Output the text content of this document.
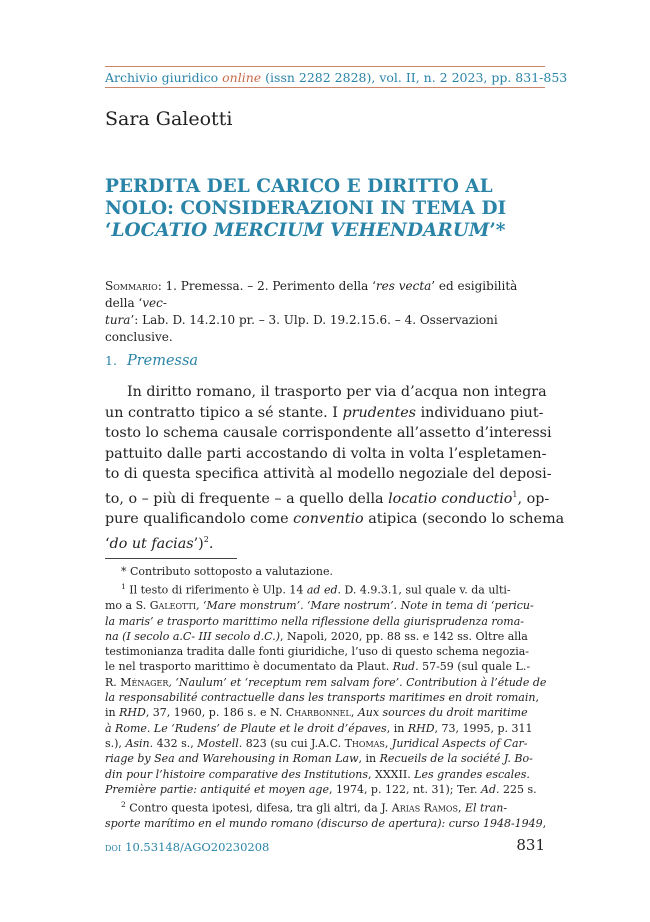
Archivio giuridico online (issn 2282 2828), vol. II, n. 2 2023, pp. 831-853
Sara Galeotti
PERDITA DEL CARICO E DIRITTO AL
NOLO: CONSIDERAZIONI IN TEMA DI
‘LOCATIO MERCIUM VEHENDARUM’*
Sommario: 1. Premessa. – 2. Perimento della ‘res vecta’ ed esigibilità della ‘vec-
tura’: Lab. D. 14.2.10 pr. – 3. Ulp. D. 19.2.15.6. – 4. Osservazioni conclusive.
1. Premessa
In diritto romano, il trasporto per via d’acqua non integra
un contratto tipico a sé stante. I prudentes individuano piut-
tosto lo schema causale corrispondente all’assetto d’interessi
pattuito dalle parti accostando di volta in volta l’espletamen-
to di questa specifica attività al modello negoziale del deposi-
to, o – più di frequente – a quello della locatio conductio$^1$, op-
pure qualificandolo come conventio atipica (secondo lo schema
‘do ut facias’)$^2$.
* Contributo sottoposto a valutazione.
$^1$ Il testo di riferimento è Ulp. 14 ad ed. D. 4.9.3.1, sul quale v. da ulti-
mo a S. Galeotti, ‘Mare monstrum’. ‘Mare nostrum’. Note in tema di ‘pericu-
la maris’ e trasporto marittimo nella riflessione della giurisprudenza roma-
na (I secolo a.C- III secolo d.C.), Napoli, 2020, pp. 88 ss. e 142 ss. Oltre alla
testimonianza tradita dalle fonti giuridiche, l’uso di questo schema negozia-
le nel trasporto marittimo è documentato da Plaut. Rud. 57-59 (sul quale L.-
R. Ménager, ‘Naulum’ et ‘receptum rem salvam fore’. Contribution à l’étude de
la responsabilité contractuelle dans les transports maritimes en droit romain,
in RHD, 37, 1960, p. 186 s. e N. Charbonnel, Aux sources du droit maritime
à Rome. Le ‘Rudens’ de Plaute et le droit d’épaves, in RHD, 73, 1995, p. 311
s.), Asin. 432 s., Mostell. 823 (su cui J.A.C. Thomas, Juridical Aspects of Car-
riage by Sea and Warehousing in Roman Law, in Recueils de la société J. Bo-
din pour l’histoire comparative des Institutions, XXXII. Les grandes escales.
Première partie: antiquité et moyen age, 1974, p. 122, nt. 31); Ter. Ad. 225 s.
$^2$ Contro questa ipotesi, difesa, tra gli altri, da J. Arias Ramos, El tran-
sporte marítimo en el mundo romano (discurso de apertura): curso 1948-1949,
doi 10.53148/AGO20230208	831
